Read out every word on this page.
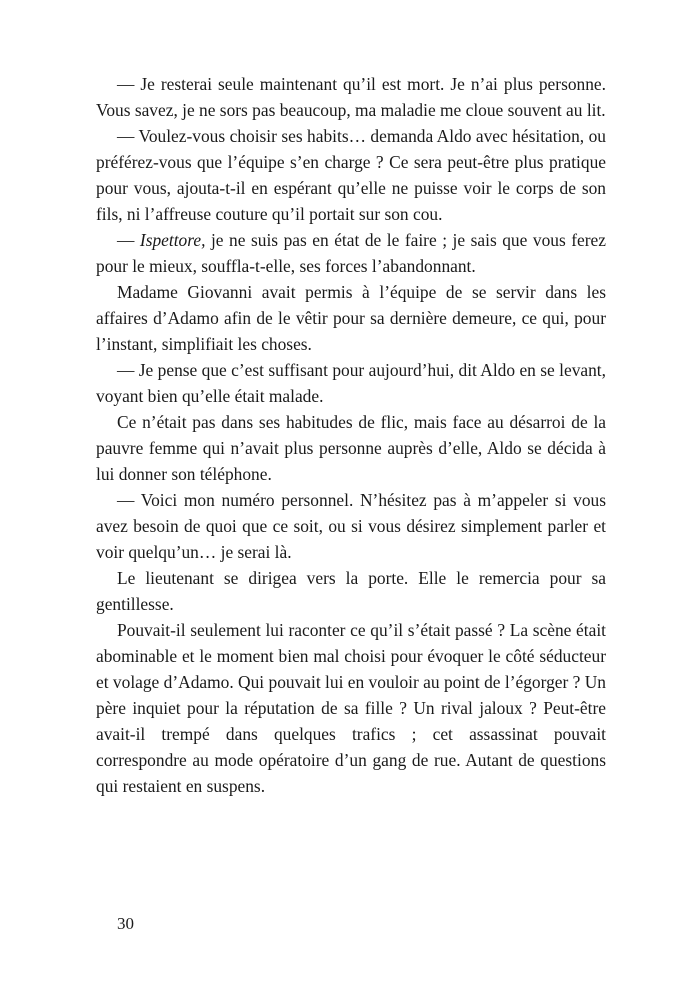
— Je resterai seule maintenant qu’il est mort. Je n’ai plus personne. Vous savez, je ne sors pas beaucoup, ma maladie me cloue souvent au lit.

— Voulez-vous choisir ses habits… demanda Aldo avec hésitation, ou préférez-vous que l’équipe s’en charge ? Ce sera peut-être plus pratique pour vous, ajouta-t-il en espérant qu’elle ne puisse voir le corps de son fils, ni l’affreuse couture qu’il portait sur son cou.

— Ispettore, je ne suis pas en état de le faire ; je sais que vous ferez pour le mieux, souffla-t-elle, ses forces l’abandonnant.

Madame Giovanni avait permis à l’équipe de se servir dans les affaires d’Adamo afin de le vêtir pour sa dernière demeure, ce qui, pour l’instant, simplifiait les choses.

— Je pense que c’est suffisant pour aujourd’hui, dit Aldo en se levant, voyant bien qu’elle était malade.

Ce n’était pas dans ses habitudes de flic, mais face au désarroi de la pauvre femme qui n’avait plus personne auprès d’elle, Aldo se décida à lui donner son téléphone.

— Voici mon numéro personnel. N’hésitez pas à m’appeler si vous avez besoin de quoi que ce soit, ou si vous désirez simplement parler et voir quelqu’un… je serai là.

Le lieutenant se dirigea vers la porte. Elle le remercia pour sa gentillesse.

Pouvait-il seulement lui raconter ce qu’il s’était passé ? La scène était abominable et le moment bien mal choisi pour évoquer le côté séducteur et volage d’Adamo. Qui pouvait lui en vouloir au point de l’égorger ? Un père inquiet pour la réputation de sa fille ? Un rival jaloux ? Peut-être avait-il trempé dans quelques trafics ; cet assassinat pouvait correspondre au mode opératoire d’un gang de rue. Autant de questions qui restaient en suspens.

30
